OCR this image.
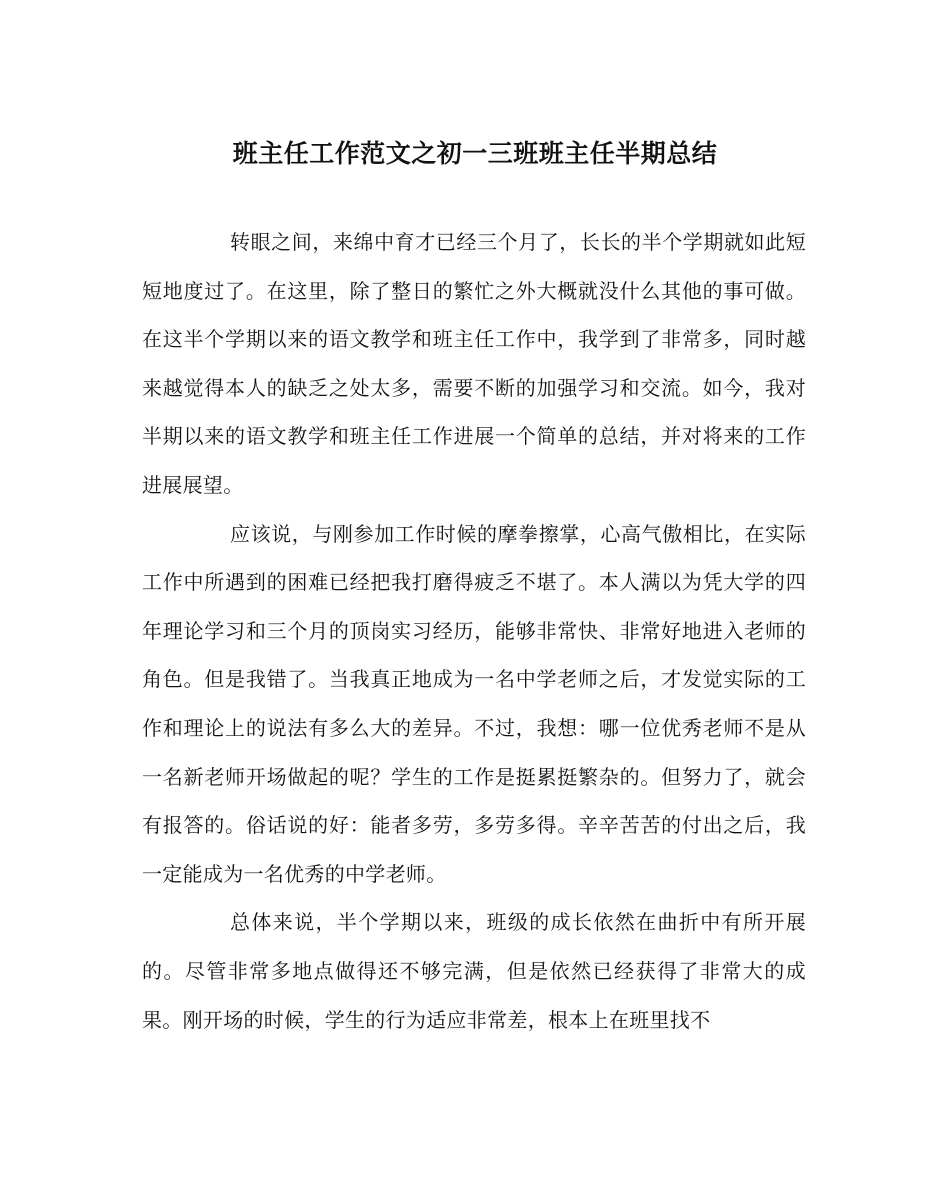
班主任工作范文之初一三班班主任半期总结

转眼之间，来绵中育才已经三个月了，长长的半个学期就如此短短地度过了。在这里，除了整日的繁忙之外大概就没什么其他的事可做。在这半个学期以来的语文教学和班主任工作中，我学到了非常多，同时越来越觉得本人的缺乏之处太多，需要不断的加强学习和交流。如今，我对半期以来的语文教学和班主任工作进展一个简单的总结，并对将来的工作进展展望。

应该说，与刚参加工作时候的摩拳擦掌，心高气傲相比，在实际工作中所遇到的困难已经把我打磨得疲乏不堪了。本人满以为凭大学的四年理论学习和三个月的顶岗实习经历，能够非常快、非常好地进入老师的角色。但是我错了。当我真正地成为一名中学老师之后，才发觉实际的工作和理论上的说法有多么大的差异。不过，我想：哪一位优秀老师不是从一名新老师开场做起的呢？学生的工作是挺累挺繁杂的。但努力了，就会有报答的。俗话说的好：能者多劳，多劳多得。辛辛苦苦的付出之后，我一定能成为一名优秀的中学老师。

总体来说，半个学期以来，班级的成长依然在曲折中有所开展的。尽管非常多地点做得还不够完满，但是依然已经获得了非常大的成果。刚开场的时候，学生的行为适应非常差，根本上在班里找不
